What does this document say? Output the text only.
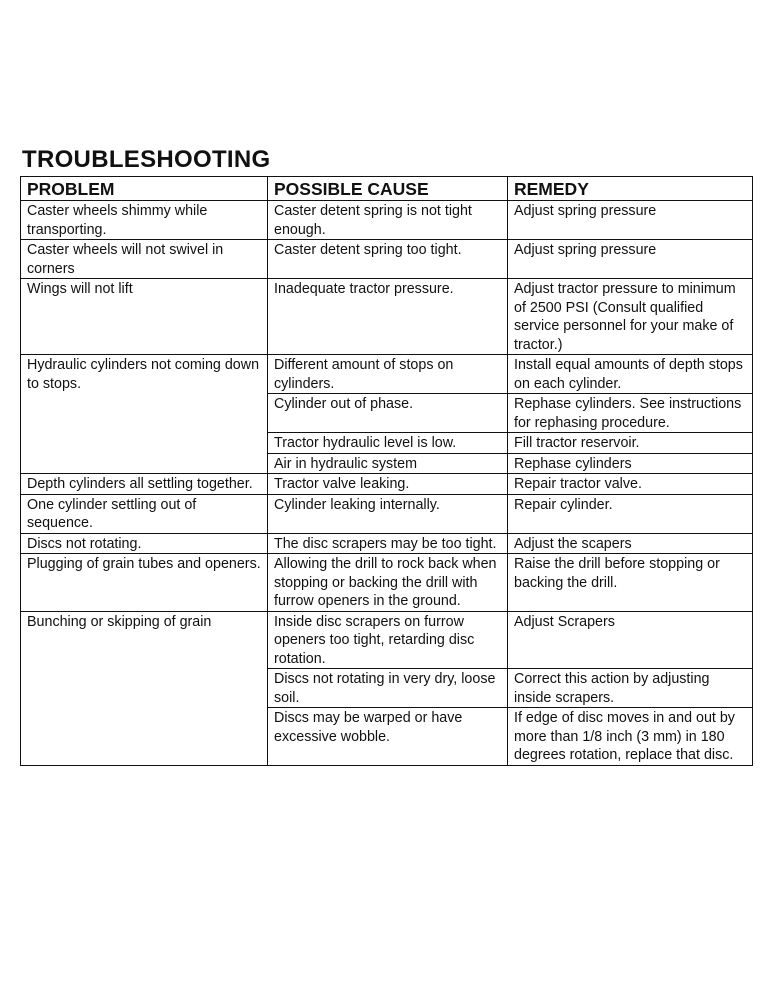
TROUBLESHOOTING
PROBLEM	POSSIBLE CAUSE	REMEDY
Caster wheels shimmy while transporting.	Caster detent spring is not tight enough.	Adjust spring pressure
Caster wheels will not swivel in corners	Caster detent spring too tight.	Adjust spring pressure
Wings will not lift	Inadequate tractor pressure.	Adjust tractor pressure to minimum of 2500 PSI (Consult qualified service personnel for your make of tractor.)
Hydraulic cylinders not coming down to stops.	Different amount of stops on cylinders.	Install equal amounts of depth stops on each cylinder.
	Cylinder out of phase.	Rephase cylinders. See instructions for rephasing procedure.
	Tractor hydraulic level is low.	Fill tractor reservoir.
	Air in hydraulic system	Rephase cylinders
Depth cylinders all settling together.	Tractor valve leaking.	Repair tractor valve.
One cylinder settling out of sequence.	Cylinder leaking internally.	Repair cylinder.
Discs not rotating.	The disc scrapers may be too tight.	Adjust the scapers
Plugging of grain tubes and openers.	Allowing the drill to rock back when stopping or backing the drill with furrow openers in the ground.	Raise the drill before stopping or backing the drill.
Bunching or skipping of grain	Inside disc scrapers on furrow openers too tight, retarding disc rotation.	Adjust Scrapers
	Discs not rotating in very dry, loose soil.	Correct this action by adjusting inside scrapers.
	Discs may be warped or have excessive wobble.	If edge of disc moves in and out by more than 1/8 inch (3 mm) in 180 degrees rotation, replace that disc.
